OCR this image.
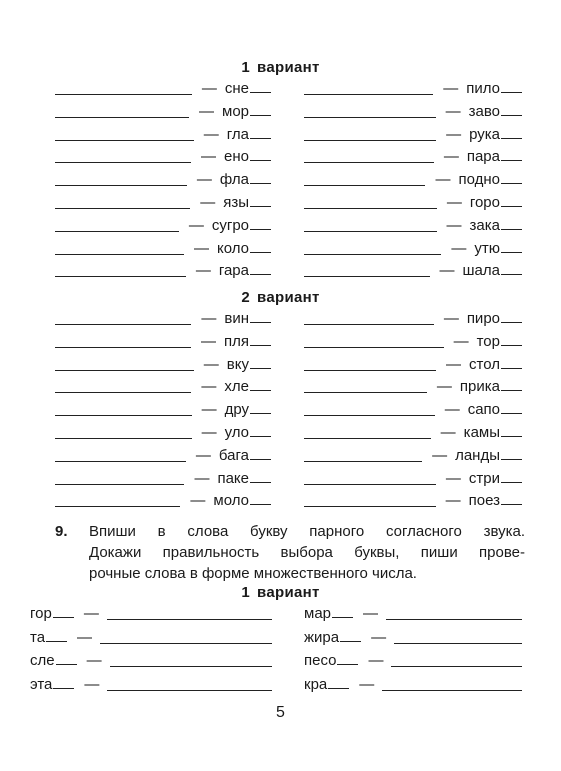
1 вариант
— сне	— пило
— мор	— заво
— гла	— рука
— ено	— пара
— фла	— подно
— язы	— горо
— сугро	— зака
— коло	— утю
— гара	— шала
2 вариант
— вин	— пиро
— пля	— тор
— вку	— стол
— хле	— прика
— дру	— сапо
— уло	— камы
— бага	— ланды
— паке	— стри
— моло	— поез
9.	Впиши в слова букву парного согласного звука.
Докажи правильность выбора буквы, пиши прове-
рочные слова в форме множественного числа.
1 вариант
гор	—	мар	—
та	—	жира	—
сле	—	песо	—
эта	—	кра	—
5
